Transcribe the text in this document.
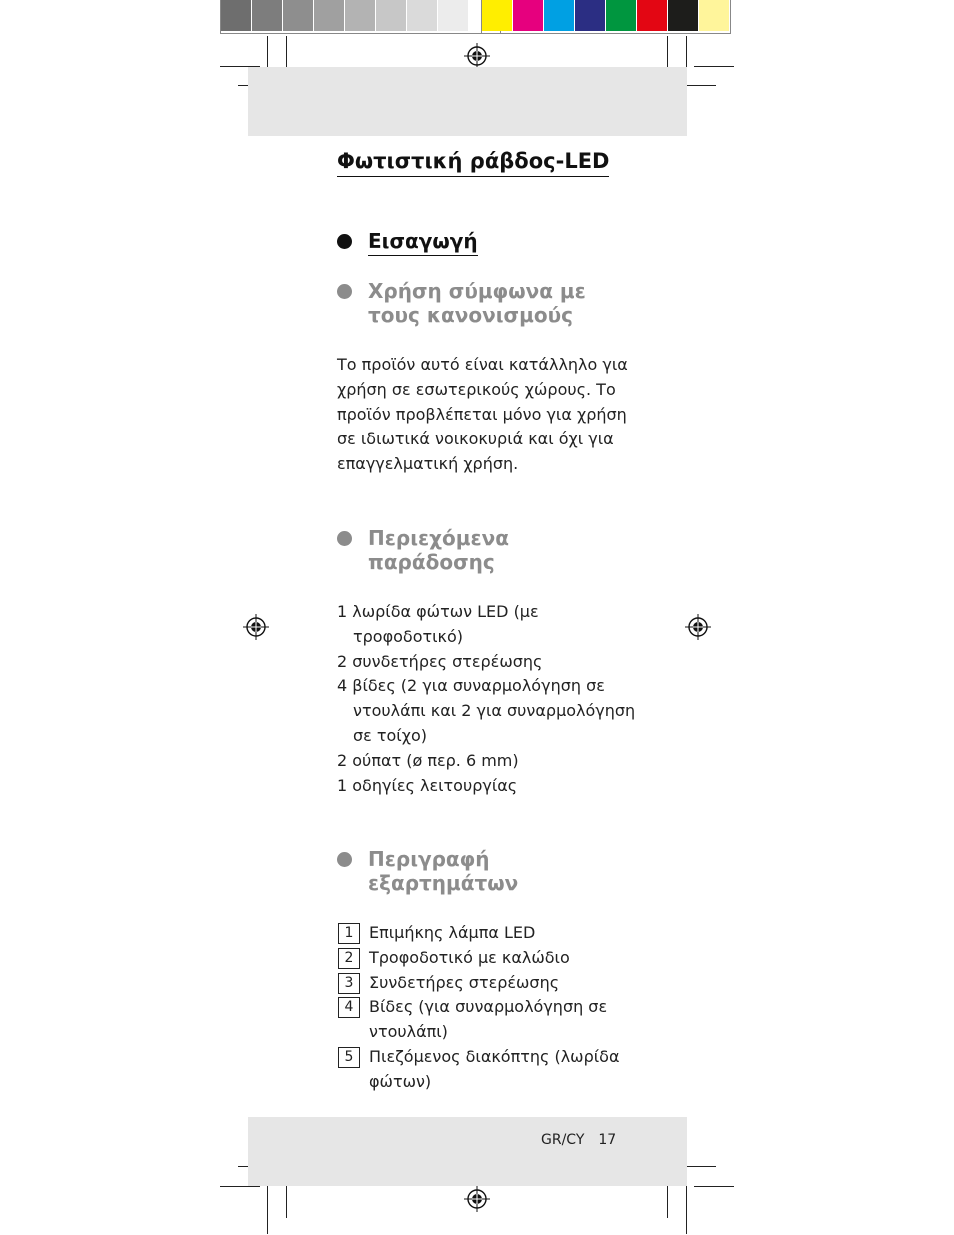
Φωτιστική ράβδος-LED
Εισαγωγή
Χρήση σύμφωνα με
τους κανονισμούς
Το προϊόν αυτό είναι κατάλληλο για χρήση σε εσωτερικούς χώρους. Το προϊόν προβλέπεται μόνο για χρήση σε ιδιωτικά νοικοκυριά και όχι για επαγγελματική χρήση.
Περιεχόμενα
παράδοσης
1 λωρίδα φώτων LED (με τροφοδοτικό)
2 συνδετήρες στερέωσης
4 βίδες (2 για συναρμολόγηση σε ντουλάπι και 2 για συναρμολόγηση σε τοίχο)
2 ούπατ (ø περ. 6 mm)
1 οδηγίες λειτουργίας
Περιγραφή
εξαρτημάτων
1 Επιμήκης λάμπα LED
2 Τροφοδοτικό με καλώδιο
3 Συνδετήρες στερέωσης
4 Βίδες (για συναρμολόγηση σε ντουλάπι)
5 Πιεζόμενος διακόπτης (λωρίδα φώτων)
GR/CY 17
